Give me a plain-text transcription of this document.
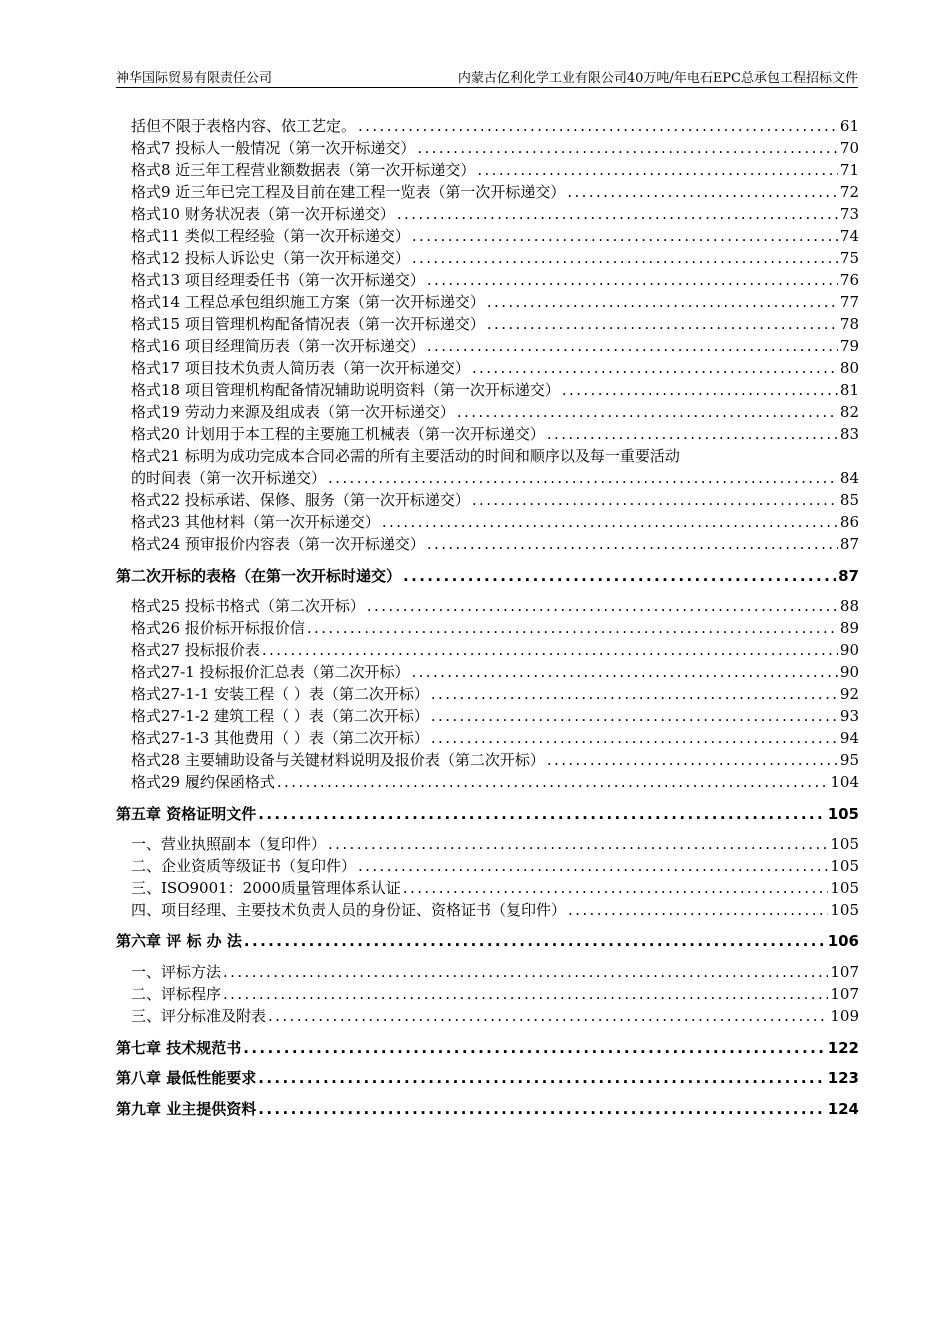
神华国际贸易有限责任公司	内蒙古亿利化学工业有限公司40万吨/年电石EPC总承包工程招标文件
括但不限于表格内容、依工艺定。 .....	61
格式7 投标人一般情况（第一次开标递交） .....	70
格式8 近三年工程营业额数据表（第一次开标递交） .....	71
格式9 近三年已完工程及目前在建工程一览表（第一次开标递交） .....	72
格式10 财务状况表（第一次开标递交） .....	73
格式11 类似工程经验（第一次开标递交） .....	74
格式12 投标人诉讼史（第一次开标递交） .....	75
格式13 项目经理委任书（第一次开标递交） .....	76
格式14 工程总承包组织施工方案（第一次开标递交） .....	77
格式15 项目管理机构配备情况表（第一次开标递交） .....	78
格式16 项目经理简历表（第一次开标递交） .....	79
格式17 项目技术负责人简历表（第一次开标递交） .....	80
格式18 项目管理机构配备情况辅助说明资料（第一次开标递交） .....	81
格式19 劳动力来源及组成表（第一次开标递交） .....	82
格式20 计划用于本工程的主要施工机械表（第一次开标递交） .....	83
格式21 标明为成功完成本合同必需的所有主要活动的时间和顺序以及每一重要活动
的时间表（第一次开标递交） .....	84
格式22 投标承诺、保修、服务（第一次开标递交） .....	85
格式23 其他材料（第一次开标递交） .....	86
格式24 预审报价内容表（第一次开标递交） .....	87
第二次开标的表格（在第一次开标时递交） .....	87
格式25 投标书格式（第二次开标） .....	88
格式26 报价标开标报价信 .....	89
格式27 投标报价表 .....	90
格式27-1 投标报价汇总表（第二次开标） .....	90
格式27-1-1 安装工程（ ）表（第二次开标） .....	92
格式27-1-2 建筑工程（ ）表（第二次开标） .....	93
格式27-1-3 其他费用（ ）表（第二次开标） .....	94
格式28 主要辅助设备与关键材料说明及报价表（第二次开标） .....	95
格式29 履约保函格式 .....	104
第五章 资格证明文件 .....	105
一、营业执照副本（复印件） .....	105
二、企业资质等级证书（复印件） .....	105
三、ISO9001：2000质量管理体系认证 .....	105
四、项目经理、主要技术负责人员的身份证、资格证书（复印件） .....	105
第六章 评 标 办 法 .....	106
一、评标方法 .....	107
二、评标程序 .....	107
三、评分标准及附表 .....	109
第七章 技术规范书 .....	122
第八章 最低性能要求 .....	123
第九章 业主提供资料 .....	124
